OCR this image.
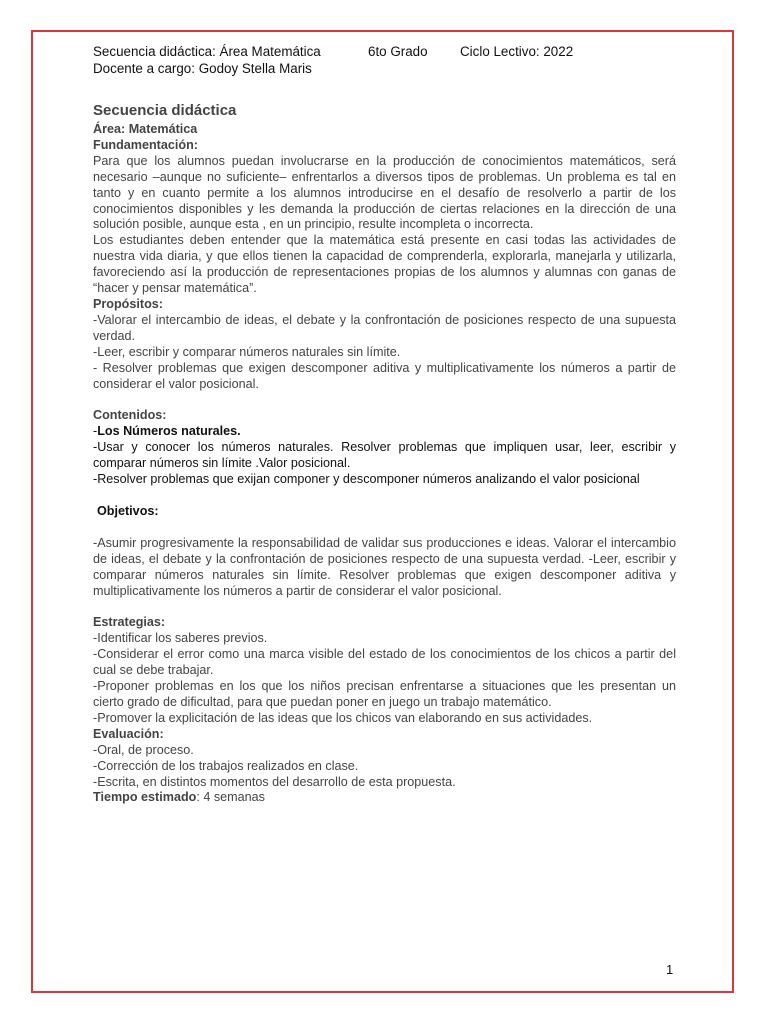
Secuencia didáctica: Área Matemática	6to Grado Ciclo Lectivo: 2022
Docente a cargo: Godoy Stella Maris
Secuencia didáctica
Área: Matemática
Fundamentación:
Para que los alumnos puedan involucrarse en la producción de conocimientos matemáticos, será necesario –aunque no suficiente– enfrentarlos a diversos tipos de problemas. Un problema es tal en tanto y en cuanto permite a los alumnos introducirse en el desafío de resolverlo a partir de los conocimientos disponibles y les demanda la producción de ciertas relaciones en la dirección de una solución posible, aunque esta , en un principio, resulte incompleta o incorrecta.
Los estudiantes deben entender que la matemática está presente en casi todas las actividades de nuestra vida diaria, y que ellos tienen la capacidad de comprenderla, explorarla, manejarla y utilizarla, favoreciendo así la producción de representaciones propias de los alumnos y alumnas con ganas de “hacer y pensar matemática”.
Propósitos:
-Valorar el intercambio de ideas, el debate y la confrontación de posiciones respecto de una supuesta verdad.
-Leer, escribir y comparar números naturales sin límite.
- Resolver problemas que exigen descomponer aditiva y multiplicativamente los números a partir de considerar el valor posicional.
Contenidos:
-Los Números naturales.
-Usar y conocer los números naturales. Resolver problemas que impliquen usar, leer, escribir y comparar números sin límite .Valor posicional.
-Resolver problemas que exijan componer y descomponer números analizando el valor posicional
Objetivos:
-Asumir progresivamente la responsabilidad de validar sus producciones e ideas. Valorar el intercambio de ideas, el debate y la confrontación de posiciones respecto de una supuesta verdad. -Leer, escribir y comparar números naturales sin límite. Resolver problemas que exigen descomponer aditiva y multiplicativamente los números a partir de considerar el valor posicional.
Estrategias:
-Identificar los saberes previos.
-Considerar el error como una marca visible del estado de los conocimientos de los chicos a partir del cual se debe trabajar.
-Proponer problemas en los que los niños precisan enfrentarse a situaciones que les presentan un cierto grado de dificultad, para que puedan poner en juego un trabajo matemático.
-Promover la explicitación de las ideas que los chicos van elaborando en sus actividades.
Evaluación:
-Oral, de proceso.
-Corrección de los trabajos realizados en clase.
-Escrita, en distintos momentos del desarrollo de esta propuesta.
Tiempo estimado: 4 semanas
1
